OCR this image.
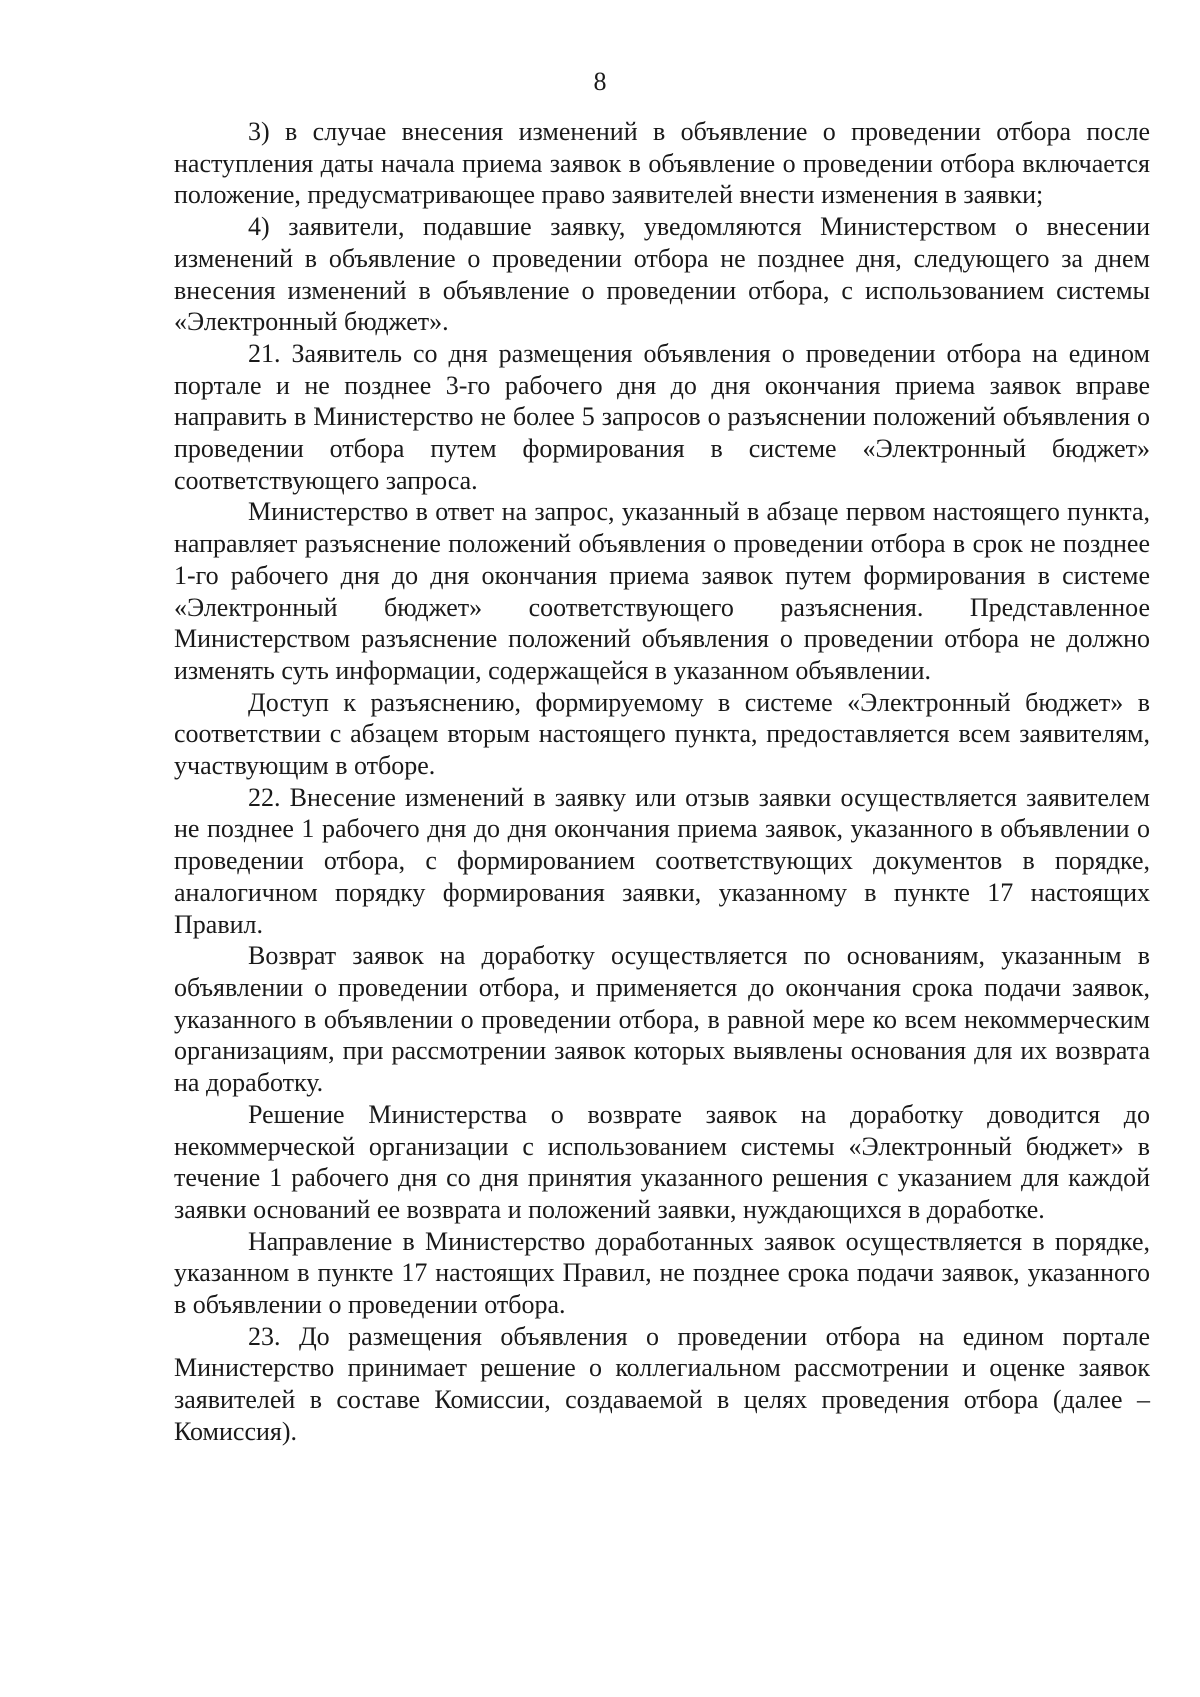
8

3) в случае внесения изменений в объявление о проведении отбора после наступления даты начала приема заявок в объявление о проведении отбора включается положение, предусматривающее право заявителей внести изменения в заявки;

4) заявители, подавшие заявку, уведомляются Министерством о внесении изменений в объявление о проведении отбора не позднее дня, следующего за днем внесения изменений в объявление о проведении отбора, с использованием системы «Электронный бюджет».

21. Заявитель со дня размещения объявления о проведении отбора на едином портале и не позднее 3-го рабочего дня до дня окончания приема заявок вправе направить в Министерство не более 5 запросов о разъяснении положений объявления о проведении отбора путем формирования в системе «Электронный бюджет» соответствующего запроса.

Министерство в ответ на запрос, указанный в абзаце первом настоящего пункта, направляет разъяснение положений объявления о проведении отбора в срок не позднее 1-го рабочего дня до дня окончания приема заявок путем формирования в системе «Электронный бюджет» соответствующего разъяснения. Представленное Министерством разъяснение положений объявления о проведении отбора не должно изменять суть информации, содержащейся в указанном объявлении.

Доступ к разъяснению, формируемому в системе «Электронный бюджет» в соответствии с абзацем вторым настоящего пункта, предоставляется всем заявителям, участвующим в отборе.

22. Внесение изменений в заявку или отзыв заявки осуществляется заявителем не позднее 1 рабочего дня до дня окончания приема заявок, указанного в объявлении о проведении отбора, с формированием соответствующих документов в порядке, аналогичном порядку формирования заявки, указанному в пункте 17 настоящих Правил.

Возврат заявок на доработку осуществляется по основаниям, указанным в объявлении о проведении отбора, и применяется до окончания срока подачи заявок, указанного в объявлении о проведении отбора, в равной мере ко всем некоммерческим организациям, при рассмотрении заявок которых выявлены основания для их возврата на доработку.

Решение Министерства о возврате заявок на доработку доводится до некоммерческой организации с использованием системы «Электронный бюджет» в течение 1 рабочего дня со дня принятия указанного решения с указанием для каждой заявки оснований ее возврата и положений заявки, нуждающихся в доработке.

Направление в Министерство доработанных заявок осуществляется в порядке, указанном в пункте 17 настоящих Правил, не позднее срока подачи заявок, указанного в объявлении о проведении отбора.

23. До размещения объявления о проведении отбора на едином портале Министерство принимает решение о коллегиальном рассмотрении и оценке заявок заявителей в составе Комиссии, создаваемой в целях проведения отбора (далее – Комиссия).
